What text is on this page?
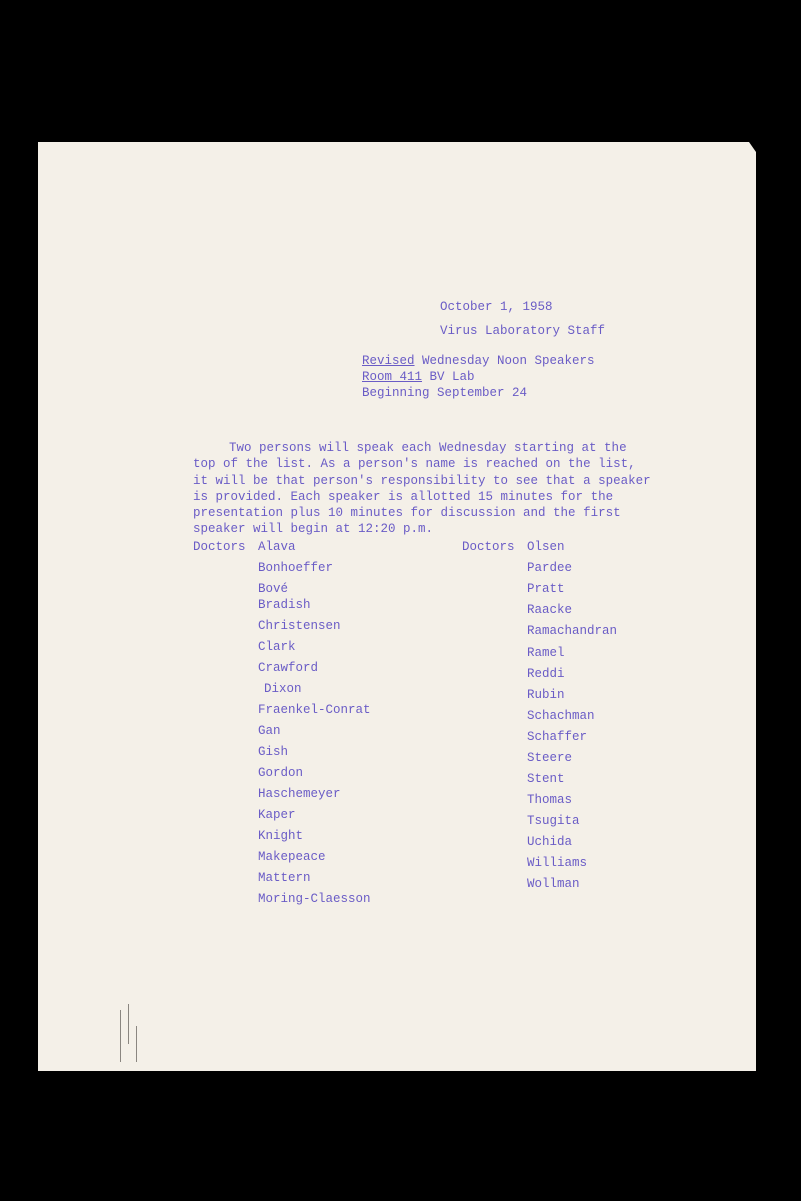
October 1, 1958
Virus Laboratory Staff
Revised Wednesday Noon Speakers
Room 411 BV Lab
Beginning September 24
Two persons will speak each Wednesday starting at the
top of the list. As a person's name is reached on the list,
it will be that person's responsibility to see that a speaker
is provided. Each speaker is allotted 15 minutes for the
presentation plus 10 minutes for discussion and the first
speaker will begin at 12:20 p.m.
Doctors Alava
Bonhoeffer
Bové
Bradish
Christensen
Clark
Crawford
Dixon
Fraenkel-Conrat
Gan
Gish
Gordon
Haschemeyer
Kaper
Knight
Makepeace
Mattern
Moring-Claesson
Doctors Olsen
Pardee
Pratt
Raacke
Ramachandran
Ramel
Reddi
Rubin
Schachman
Schaffer
Steere
Stent
Thomas
Tsugita
Uchida
Williams
Wollman
